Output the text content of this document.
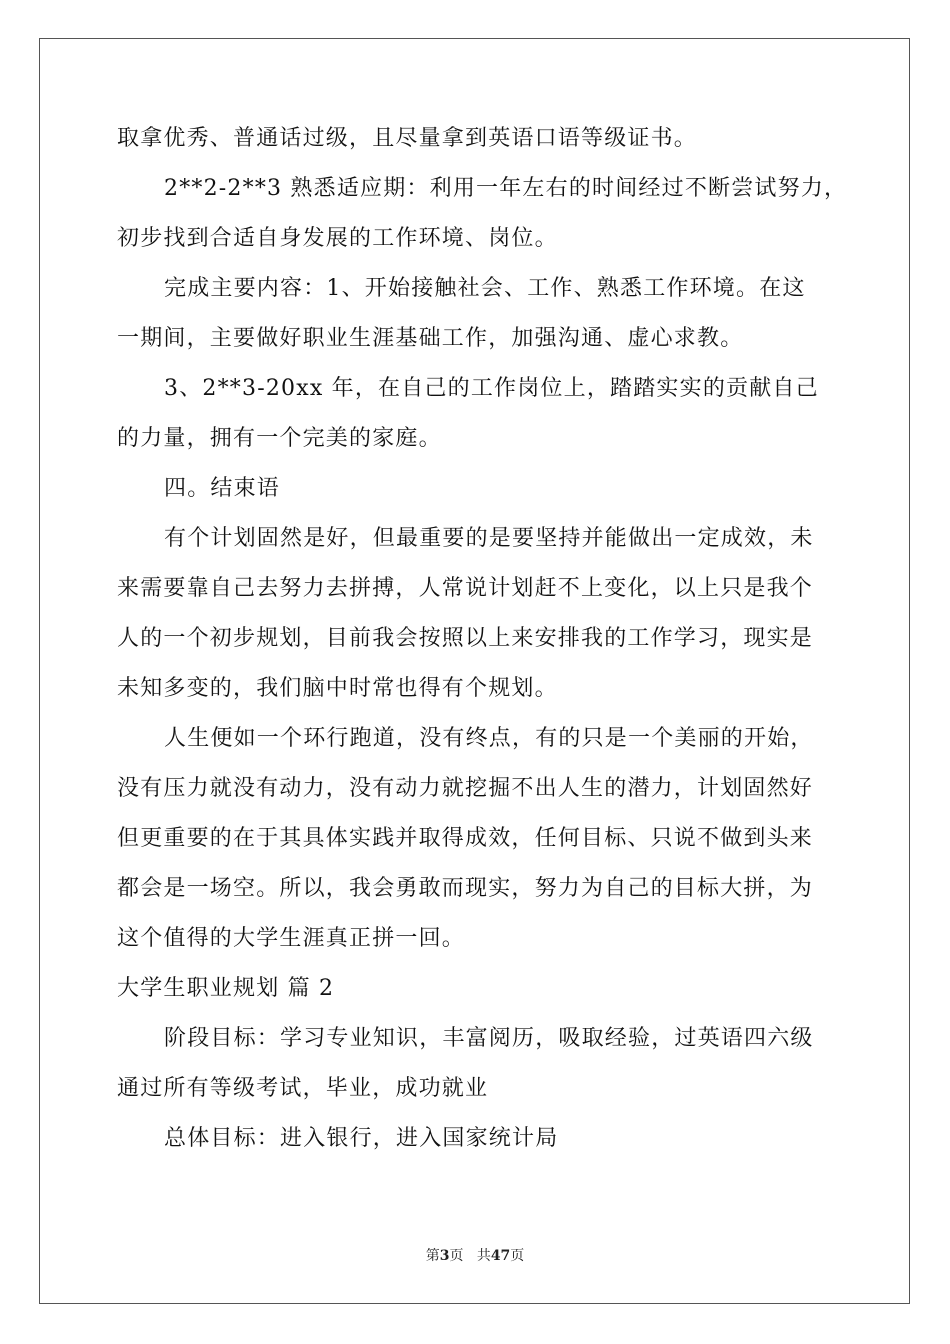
取拿优秀、普通话过级，且尽量拿到英语口语等级证书。
2**2-2**3 熟悉适应期：利用一年左右的时间经过不断尝试努力，
初步找到合适自身发展的工作环境、岗位。
完成主要内容：1、开始接触社会、工作、熟悉工作环境。在这
一期间，主要做好职业生涯基础工作，加强沟通、虚心求教。
3、2**3-20xx 年，在自己的工作岗位上，踏踏实实的贡献自己
的力量，拥有一个完美的家庭。
四。结束语
有个计划固然是好，但最重要的是要坚持并能做出一定成效，未
来需要靠自己去努力去拼搏，人常说计划赶不上变化，以上只是我个
人的一个初步规划，目前我会按照以上来安排我的工作学习，现实是
未知多变的，我们脑中时常也得有个规划。
人生便如一个环行跑道，没有终点，有的只是一个美丽的开始，
没有压力就没有动力，没有动力就挖掘不出人生的潜力，计划固然好
但更重要的在于其具体实践并取得成效，任何目标、只说不做到头来
都会是一场空。所以，我会勇敢而现实，努力为自己的目标大拼，为
这个值得的大学生涯真正拼一回。
大学生职业规划 篇 2
阶段目标：学习专业知识，丰富阅历，吸取经验，过英语四六级
通过所有等级考试，毕业，成功就业
总体目标：进入银行，进入国家统计局
第3页 共47页
